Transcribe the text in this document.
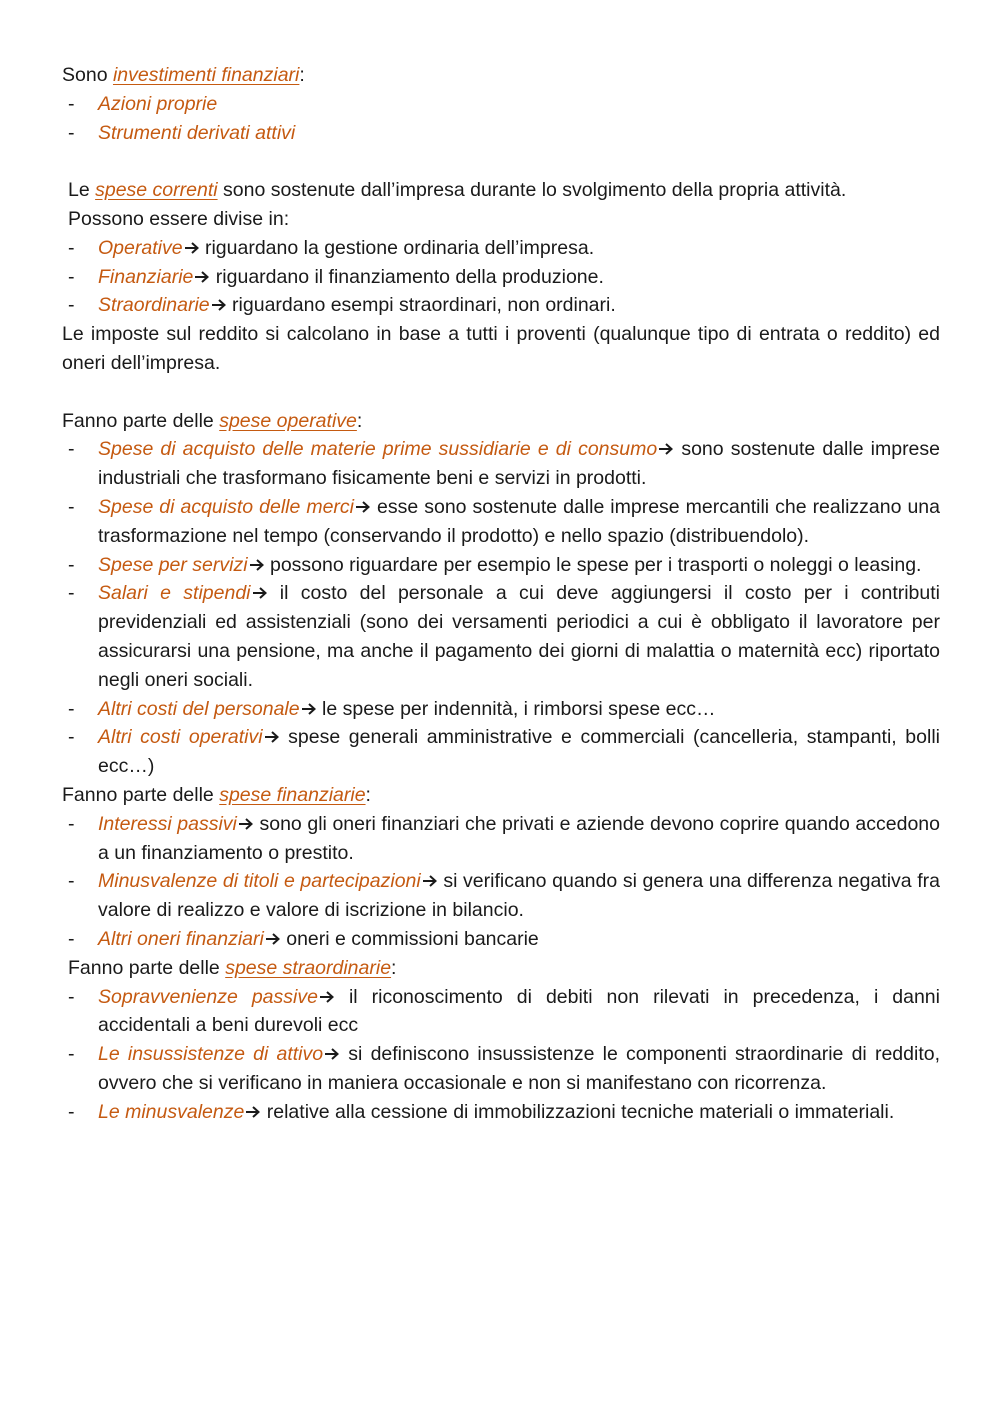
Sono investimenti finanziari:

- Azioni proprie
- Strumenti derivati attivi

Le spese correnti sono sostenute dall’impresa durante lo svolgimento della propria attività.

Possono essere divise in:

- Operative riguardano la gestione ordinaria dell’impresa.
- Finanziarie riguardano il finanziamento della produzione.
- Straordinarie riguardano esempi straordinari, non ordinari.

Le imposte sul reddito si calcolano in base a tutti i proventi (qualunque tipo di entrata o reddito) ed oneri dell’impresa.

Fanno parte delle spese operative:

- Spese di acquisto delle materie prime sussidiarie e di consumo sono sostenute dalle imprese industriali che trasformano fisicamente beni e servizi in prodotti.
- Spese di acquisto delle merci esse sono sostenute dalle imprese mercantili che realizzano una trasformazione nel tempo (conservando il prodotto) e nello spazio (distribuendolo).
- Spese per servizi possono riguardare per esempio le spese per i trasporti o noleggi o leasing.
- Salari e stipendi il costo del personale a cui deve aggiungersi il costo per i contributi previdenziali ed assistenziali (sono dei versamenti periodici a cui è obbligato il lavoratore per assicurarsi una pensione, ma anche il pagamento dei giorni di malattia o maternità ecc) riportato negli oneri sociali.
- Altri costi del personale le spese per indennità, i rimborsi spese ecc…
- Altri costi operativi spese generali amministrative e commerciali (cancelleria, stampanti, bolli ecc…)

Fanno parte delle spese finanziarie:

- Interessi passivi sono gli oneri finanziari che privati e aziende devono coprire quando accedono a un finanziamento o prestito.
- Minusvalenze di titoli e partecipazioni si verificano quando si genera una differenza negativa fra valore di realizzo e valore di iscrizione in bilancio.
- Altri oneri finanziari oneri e commissioni bancarie

Fanno parte delle spese straordinarie:

- Sopravvenienze passive il riconoscimento di debiti non rilevati in precedenza, i danni accidentali a beni durevoli ecc
- Le insussistenze di attivo si definiscono insussistenze le componenti straordinarie di reddito, ovvero che si verificano in maniera occasionale e non si manifestano con ricorrenza.
- Le minusvalenze relative alla cessione di immobilizzazioni tecniche materiali o immateriali.
